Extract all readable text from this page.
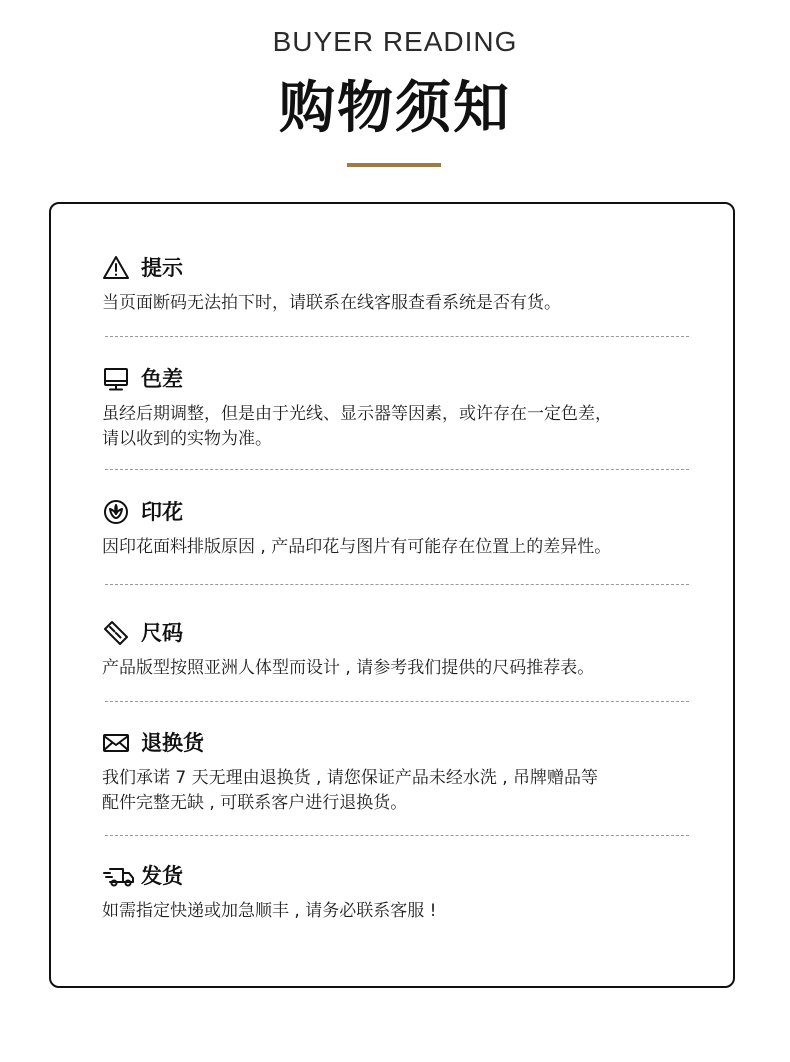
BUYER READING
购物须知
提示
当页面断码无法拍下时，请联系在线客服查看系统是否有货。
色差
虽经后期调整，但是由于光线、显示器等因素，或许存在一定色差，
请以收到的实物为准。
印花
因印花面料排版原因 , 产品印花与图片有可能存在位置上的差异性。
尺码
产品版型按照亚洲人体型而设计 , 请参考我们提供的尺码推荐表。
退换货
我们承诺 7 天无理由退换货 , 请您保证产品未经水洗 , 吊牌赠品等
配件完整无缺 , 可联系客户进行退换货。
发货
如需指定快递或加急顺丰 , 请务必联系客服 !
